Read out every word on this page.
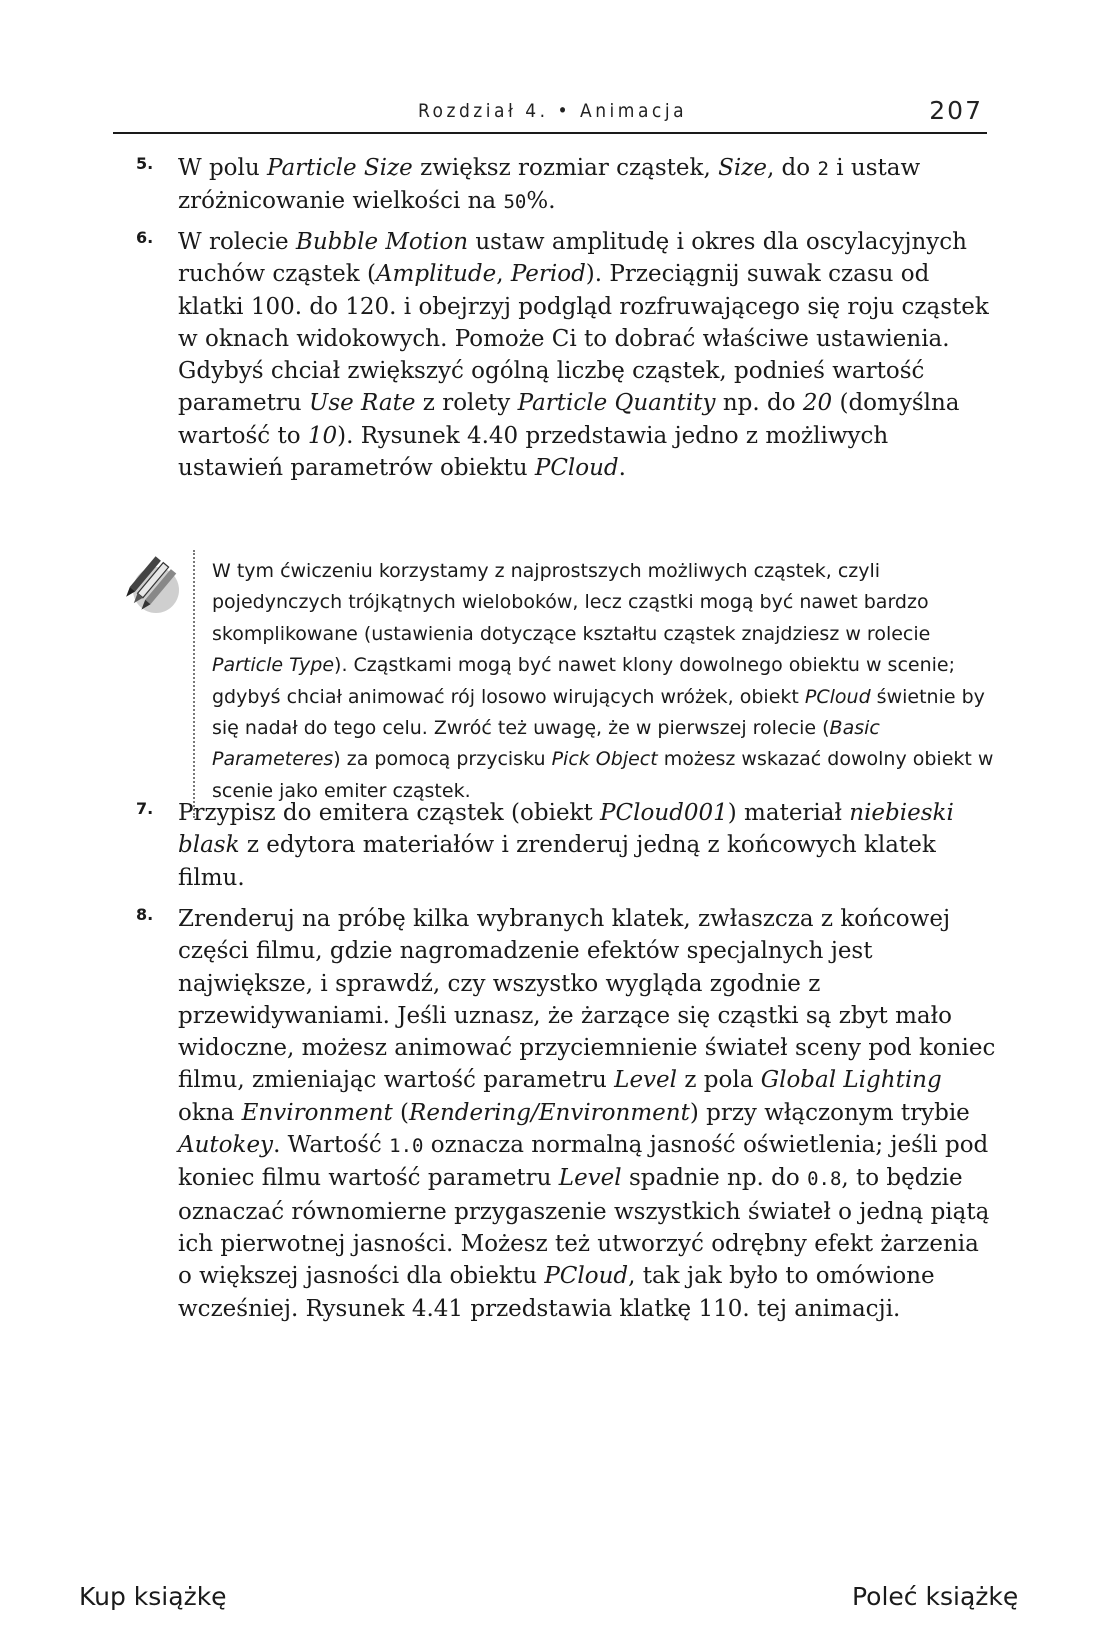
Rozdział 4. • Animacja	207
5. W polu Particle Size zwiększ rozmiar cząstek, Size, do 2 i ustaw zróżnicowanie wielkości na 50%.
6. W rolecie Bubble Motion ustaw amplitudę i okres dla oscylacyjnych ruchów cząstek (Amplitude, Period). Przeciągnij suwak czasu od klatki 100. do 120. i obejrzyj podgląd rozfruwającego się roju cząstek w oknach widokowych. Pomoże Ci to dobrać właściwe ustawienia. Gdybyś chciał zwiększyć ogólną liczbę cząstek, podnieś wartość parametru Use Rate z rolety Particle Quantity np. do 20 (domyślna wartość to 10). Rysunek 4.40 przedstawia jedno z możliwych ustawień parametrów obiektu PCloud.
W tym ćwiczeniu korzystamy z najprostszych możliwych cząstek, czyli pojedynczych trójkątnych wieloboków, lecz cząstki mogą być nawet bardzo skomplikowane (ustawienia dotyczące kształtu cząstek znajdziesz w rolecie Particle Type). Cząstkami mogą być nawet klony dowolnego obiektu w scenie; gdybyś chciał animować rój losowo wirujących wróżek, obiekt PCloud świetnie by się nadał do tego celu. Zwróć też uwagę, że w pierwszej rolecie (Basic Parameteres) za pomocą przycisku Pick Object możesz wskazać dowolny obiekt w scenie jako emiter cząstek.
7. Przypisz do emitera cząstek (obiekt PCloud001) materiał niebieski blask z edytora materiałów i zrenderuj jedną z końcowych klatek filmu.
8. Zrenderuj na próbę kilka wybranych klatek, zwłaszcza z końcowej części filmu, gdzie nagromadzenie efektów specjalnych jest największe, i sprawdź, czy wszystko wygląda zgodnie z przewidywaniami. Jeśli uznasz, że żarzące się cząstki są zbyt mało widoczne, możesz animować przyciemnienie świateł sceny pod koniec filmu, zmieniając wartość parametru Level z pola Global Lighting okna Environment (Rendering/Environment) przy włączonym trybie Autokey. Wartość 1.0 oznacza normalną jasność oświetlenia; jeśli pod koniec filmu wartość parametru Level spadnie np. do 0.8, to będzie oznaczać równomierne przygaszenie wszystkich świateł o jedną piątą ich pierwotnej jasności. Możesz też utworzyć odrębny efekt żarzenia o większej jasności dla obiektu PCloud, tak jak było to omówione wcześniej. Rysunek 4.41 przedstawia klatkę 110. tej animacji.
Kup książkę	Poleć książkę
